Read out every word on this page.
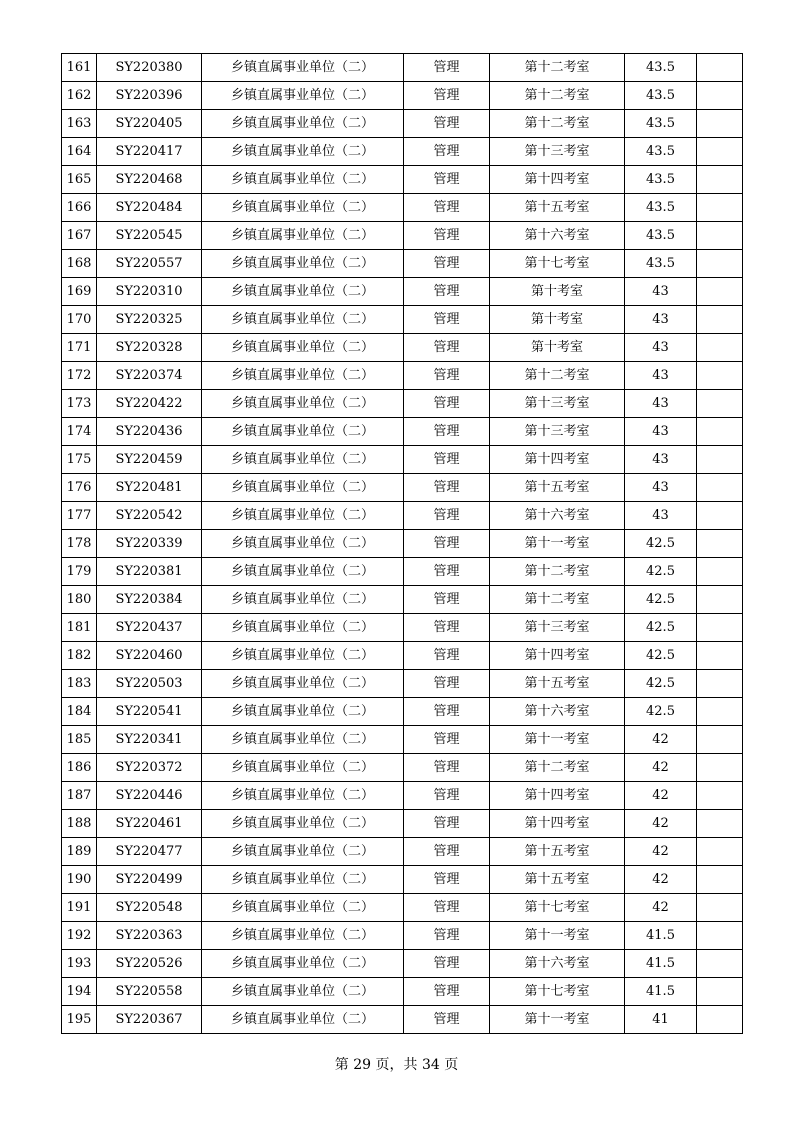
161	SY220380	乡镇直属事业单位（二）	管理	第十二考室	43.5	
162	SY220396	乡镇直属事业单位（二）	管理	第十二考室	43.5	
163	SY220405	乡镇直属事业单位（二）	管理	第十二考室	43.5	
164	SY220417	乡镇直属事业单位（二）	管理	第十三考室	43.5	
165	SY220468	乡镇直属事业单位（二）	管理	第十四考室	43.5	
166	SY220484	乡镇直属事业单位（二）	管理	第十五考室	43.5	
167	SY220545	乡镇直属事业单位（二）	管理	第十六考室	43.5	
168	SY220557	乡镇直属事业单位（二）	管理	第十七考室	43.5	
169	SY220310	乡镇直属事业单位（二）	管理	第十考室	43	
170	SY220325	乡镇直属事业单位（二）	管理	第十考室	43	
171	SY220328	乡镇直属事业单位（二）	管理	第十考室	43	
172	SY220374	乡镇直属事业单位（二）	管理	第十二考室	43	
173	SY220422	乡镇直属事业单位（二）	管理	第十三考室	43	
174	SY220436	乡镇直属事业单位（二）	管理	第十三考室	43	
175	SY220459	乡镇直属事业单位（二）	管理	第十四考室	43	
176	SY220481	乡镇直属事业单位（二）	管理	第十五考室	43	
177	SY220542	乡镇直属事业单位（二）	管理	第十六考室	43	
178	SY220339	乡镇直属事业单位（二）	管理	第十一考室	42.5	
179	SY220381	乡镇直属事业单位（二）	管理	第十二考室	42.5	
180	SY220384	乡镇直属事业单位（二）	管理	第十二考室	42.5	
181	SY220437	乡镇直属事业单位（二）	管理	第十三考室	42.5	
182	SY220460	乡镇直属事业单位（二）	管理	第十四考室	42.5	
183	SY220503	乡镇直属事业单位（二）	管理	第十五考室	42.5	
184	SY220541	乡镇直属事业单位（二）	管理	第十六考室	42.5	
185	SY220341	乡镇直属事业单位（二）	管理	第十一考室	42	
186	SY220372	乡镇直属事业单位（二）	管理	第十二考室	42	
187	SY220446	乡镇直属事业单位（二）	管理	第十四考室	42	
188	SY220461	乡镇直属事业单位（二）	管理	第十四考室	42	
189	SY220477	乡镇直属事业单位（二）	管理	第十五考室	42	
190	SY220499	乡镇直属事业单位（二）	管理	第十五考室	42	
191	SY220548	乡镇直属事业单位（二）	管理	第十七考室	42	
192	SY220363	乡镇直属事业单位（二）	管理	第十一考室	41.5	
193	SY220526	乡镇直属事业单位（二）	管理	第十六考室	41.5	
194	SY220558	乡镇直属事业单位（二）	管理	第十七考室	41.5	
195	SY220367	乡镇直属事业单位（二）	管理	第十一考室	41	
第 29 页，共 34 页
